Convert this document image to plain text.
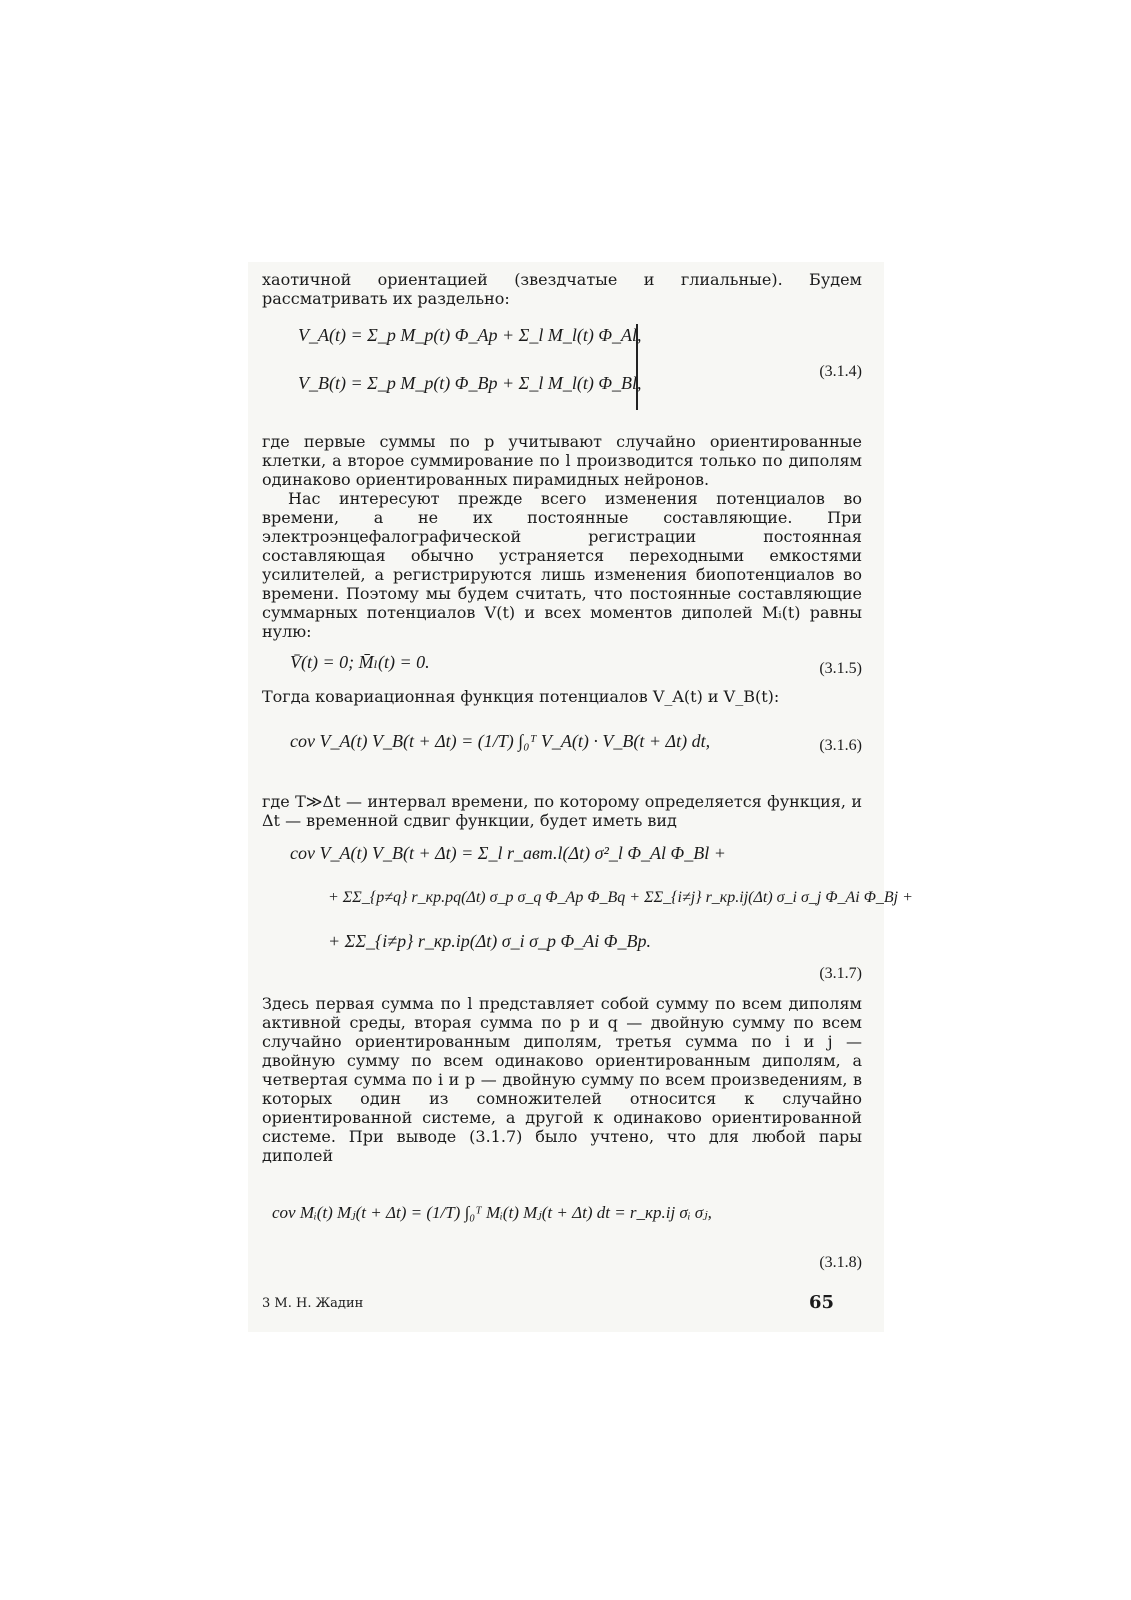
хаотичной ориентацией (звездчатые и глиальные). Будем рассматривать их раздельно:

V_A(t) = Σ_p M_p(t) Φ_Ap + Σ_l M_l(t) Φ_Al,
V_B(t) = Σ_p M_p(t) Φ_Bp + Σ_l M_l(t) Φ_Bl,
(3.1.4)

где первые суммы по p учитывают случайно ориентированные клетки, а второе суммирование по l производится только по диполям одинаково ориентированных пирамидных нейронов.

Нас интересуют прежде всего изменения потенциалов во времени, а не их постоянные составляющие. При электроэнцефалографической регистрации постоянная составляющая обычно устраняется переходными емкостями усилителей, а регистрируются лишь изменения биопотенциалов во времени. Поэтому мы будем считать, что постоянные составляющие суммарных потенциалов V(t) и всех моментов диполей Mᵢ(t) равны нулю:

V̄(t) = 0; M̄ₗ(t) = 0.	(3.1.5)

Тогда ковариационная функция потенциалов V_A(t) и V_B(t):

cov V_A(t) V_B(t + Δt) = (1/T) ∫₀ᵀ V_A(t) · V_B(t + Δt) dt,	(3.1.6)

где T≫Δt — интервал времени, по которому определяется функция, и Δt — временной сдвиг функции, будет иметь вид

cov V_A(t) V_B(t + Δt) = Σ_l r_авт.l(Δt) σ²_l Φ_Al Φ_Bl +
+ ΣΣ_{p≠q} r_кр.pq(Δt) σ_p σ_q Φ_Ap Φ_Bq + ΣΣ_{i≠j} r_кр.ij(Δt) σ_i σ_j Φ_Ai Φ_Bj +
+ ΣΣ_{i≠p} r_кр.ip(Δt) σ_i σ_p Φ_Ai Φ_Bp.
(3.1.7)

Здесь первая сумма по l представляет собой сумму по всем диполям активной среды, вторая сумма по p и q — двойную сумму по всем случайно ориентированным диполям, третья сумма по i и j — двойную сумму по всем одинаково ориентированным диполям, а четвертая сумма по i и p — двойную сумму по всем произведениям, в которых один из сомножителей относится к случайно ориентированной системе, а другой к одинаково ориентированной системе. При выводе (3.1.7) было учтено, что для любой пары диполей

cov Mᵢ(t) Mⱼ(t + Δt) = (1/T) ∫₀ᵀ Mᵢ(t) Mⱼ(t + Δt) dt = r_кр.ij σᵢ σⱼ,
(3.1.8)
3 М. Н. Жадин	65
